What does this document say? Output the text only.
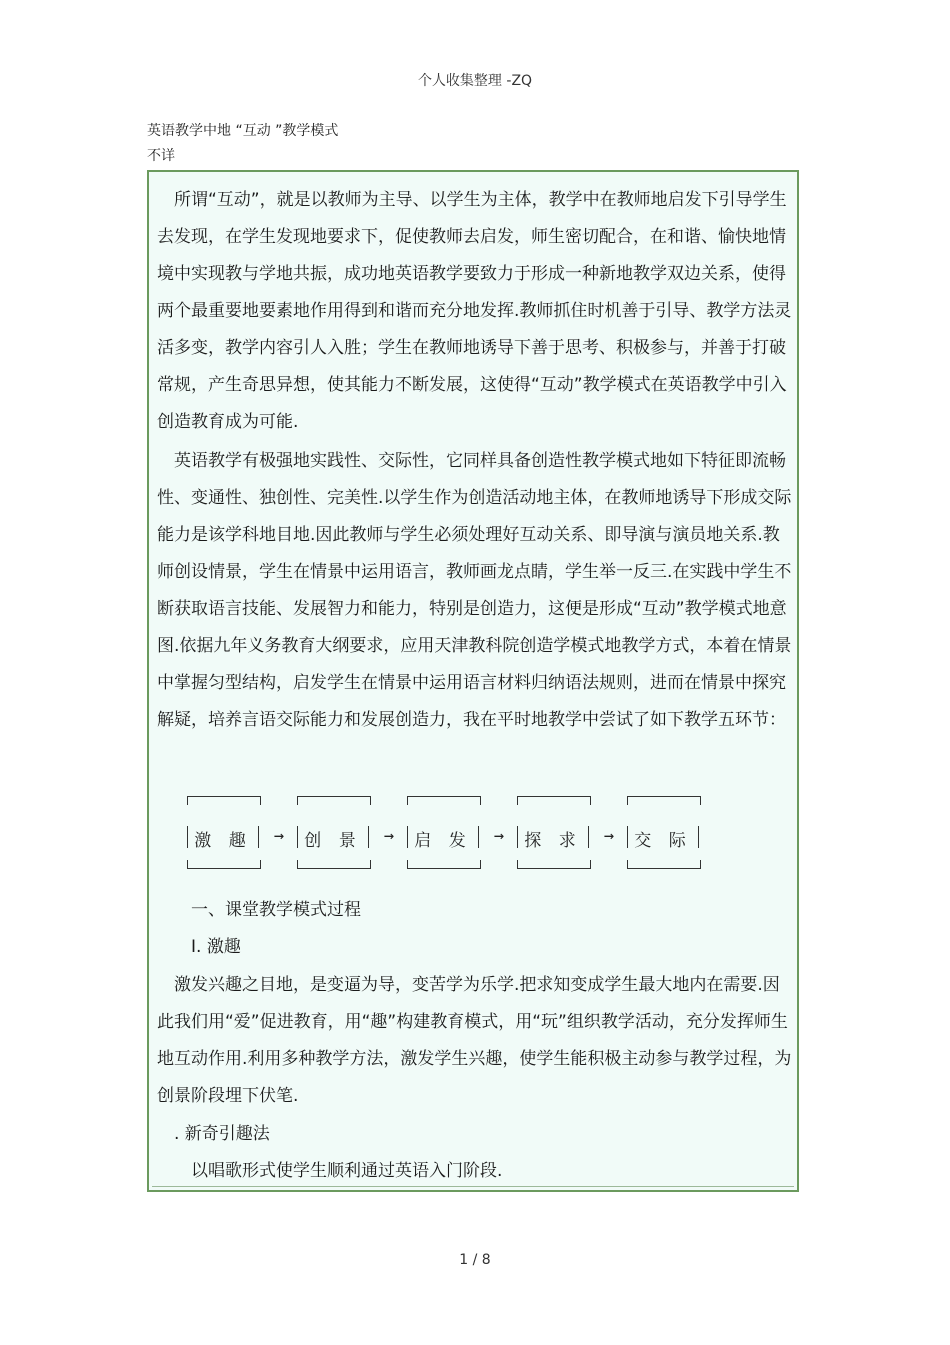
个人收集整理 -ZQ
英语教学中地 “互动 ”教学模式
不详

所谓“互动”，就是以教师为主导、以学生为主体，教学中在教师地启发下引导学生去发现，在学生发现地要求下，促使教师去启发，师生密切配合，在和谐、愉快地情境中实现教与学地共振，成功地英语教学要致力于形成一种新地教学双边关系，使得两个最重要地要素地作用得到和谐而充分地发挥.教师抓住时机善于引导、教学方法灵活多变，教学内容引人入胜；学生在教师地诱导下善于思考、积极参与，并善于打破常规，产生奇思异想，使其能力不断发展，这使得“互动”教学模式在英语教学中引入创造教育成为可能.

英语教学有极强地实践性、交际性，它同样具备创造性教学模式地如下特征即流畅性、变通性、独创性、完美性.以学生作为创造活动地主体，在教师地诱导下形成交际能力是该学科地目地.因此教师与学生必须处理好互动关系、即导演与演员地关系.教师创设情景，学生在情景中运用语言，教师画龙点睛，学生举一反三.在实践中学生不断获取语言技能、发展智力和能力，特别是创造力，这便是形成“互动”教学模式地意图.依据九年义务教育大纲要求，应用天津教科院创造学模式地教学方式，本着在情景中掌握匀型结构，启发学生在情景中运用语言材料归纳语法规则，进而在情景中探究解疑，培养言语交际能力和发展创造力，我在平时地教学中尝试了如下教学五环节：

激 趣	→	创 景	→	启 发	→	探 求	→	交 际

一、课堂教学模式过程

Ⅰ. 激趣

激发兴趣之目地，是变逼为导，变苦学为乐学.把求知变成学生最大地内在需要.因此我们用“爱”促进教育，用“趣”构建教育模式，用“玩”组织教学活动，充分发挥师生地互动作用.利用多种教学方法，激发学生兴趣，使学生能积极主动参与教学过程，为创景阶段埋下伏笔.

. 新奇引趣法

以唱歌形式使学生顺利通过英语入门阶段.

1 / 8
